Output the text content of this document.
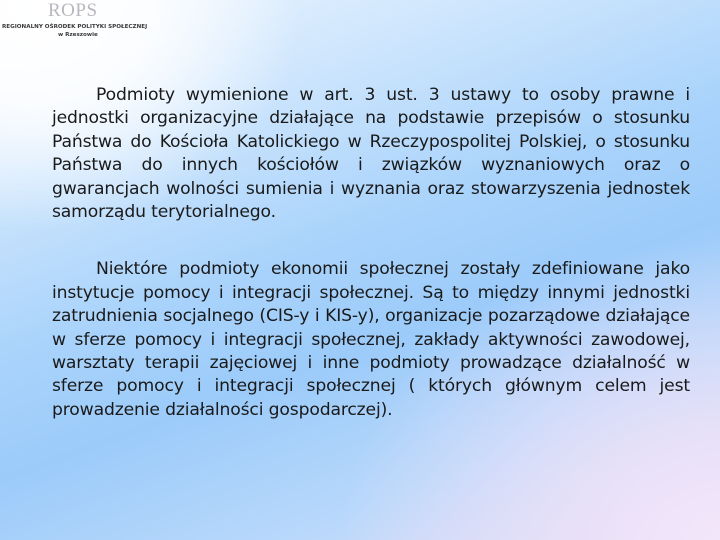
ROPS
REGIONALNY OŚRODEK POLITYKI SPOŁECZNEJ
w Rzeszowie

Podmioty wymienione w art. 3 ust. 3 ustawy to osoby prawne i jednostki organizacyjne działające na podstawie przepisów o stosunku Państwa do Kościoła Katolickiego w Rzeczypospolitej Polskiej, o stosunku Państwa do innych kościołów i związków wyznaniowych oraz o gwarancjach wolności sumienia i wyznania oraz stowarzyszenia jednostek samorządu terytorialnego.

Niektóre podmioty ekonomii społecznej zostały zdefiniowane jako instytucje pomocy i integracji społecznej. Są to między innymi jednostki zatrudnienia socjalnego (CIS-y i KIS-y), organizacje pozarządowe działające w sferze pomocy i integracji społecznej, zakłady aktywności zawodowej, warsztaty terapii zajęciowej i inne podmioty prowadzące działalność w sferze pomocy i integracji społecznej ( których głównym celem jest prowadzenie działalności gospodarczej).
